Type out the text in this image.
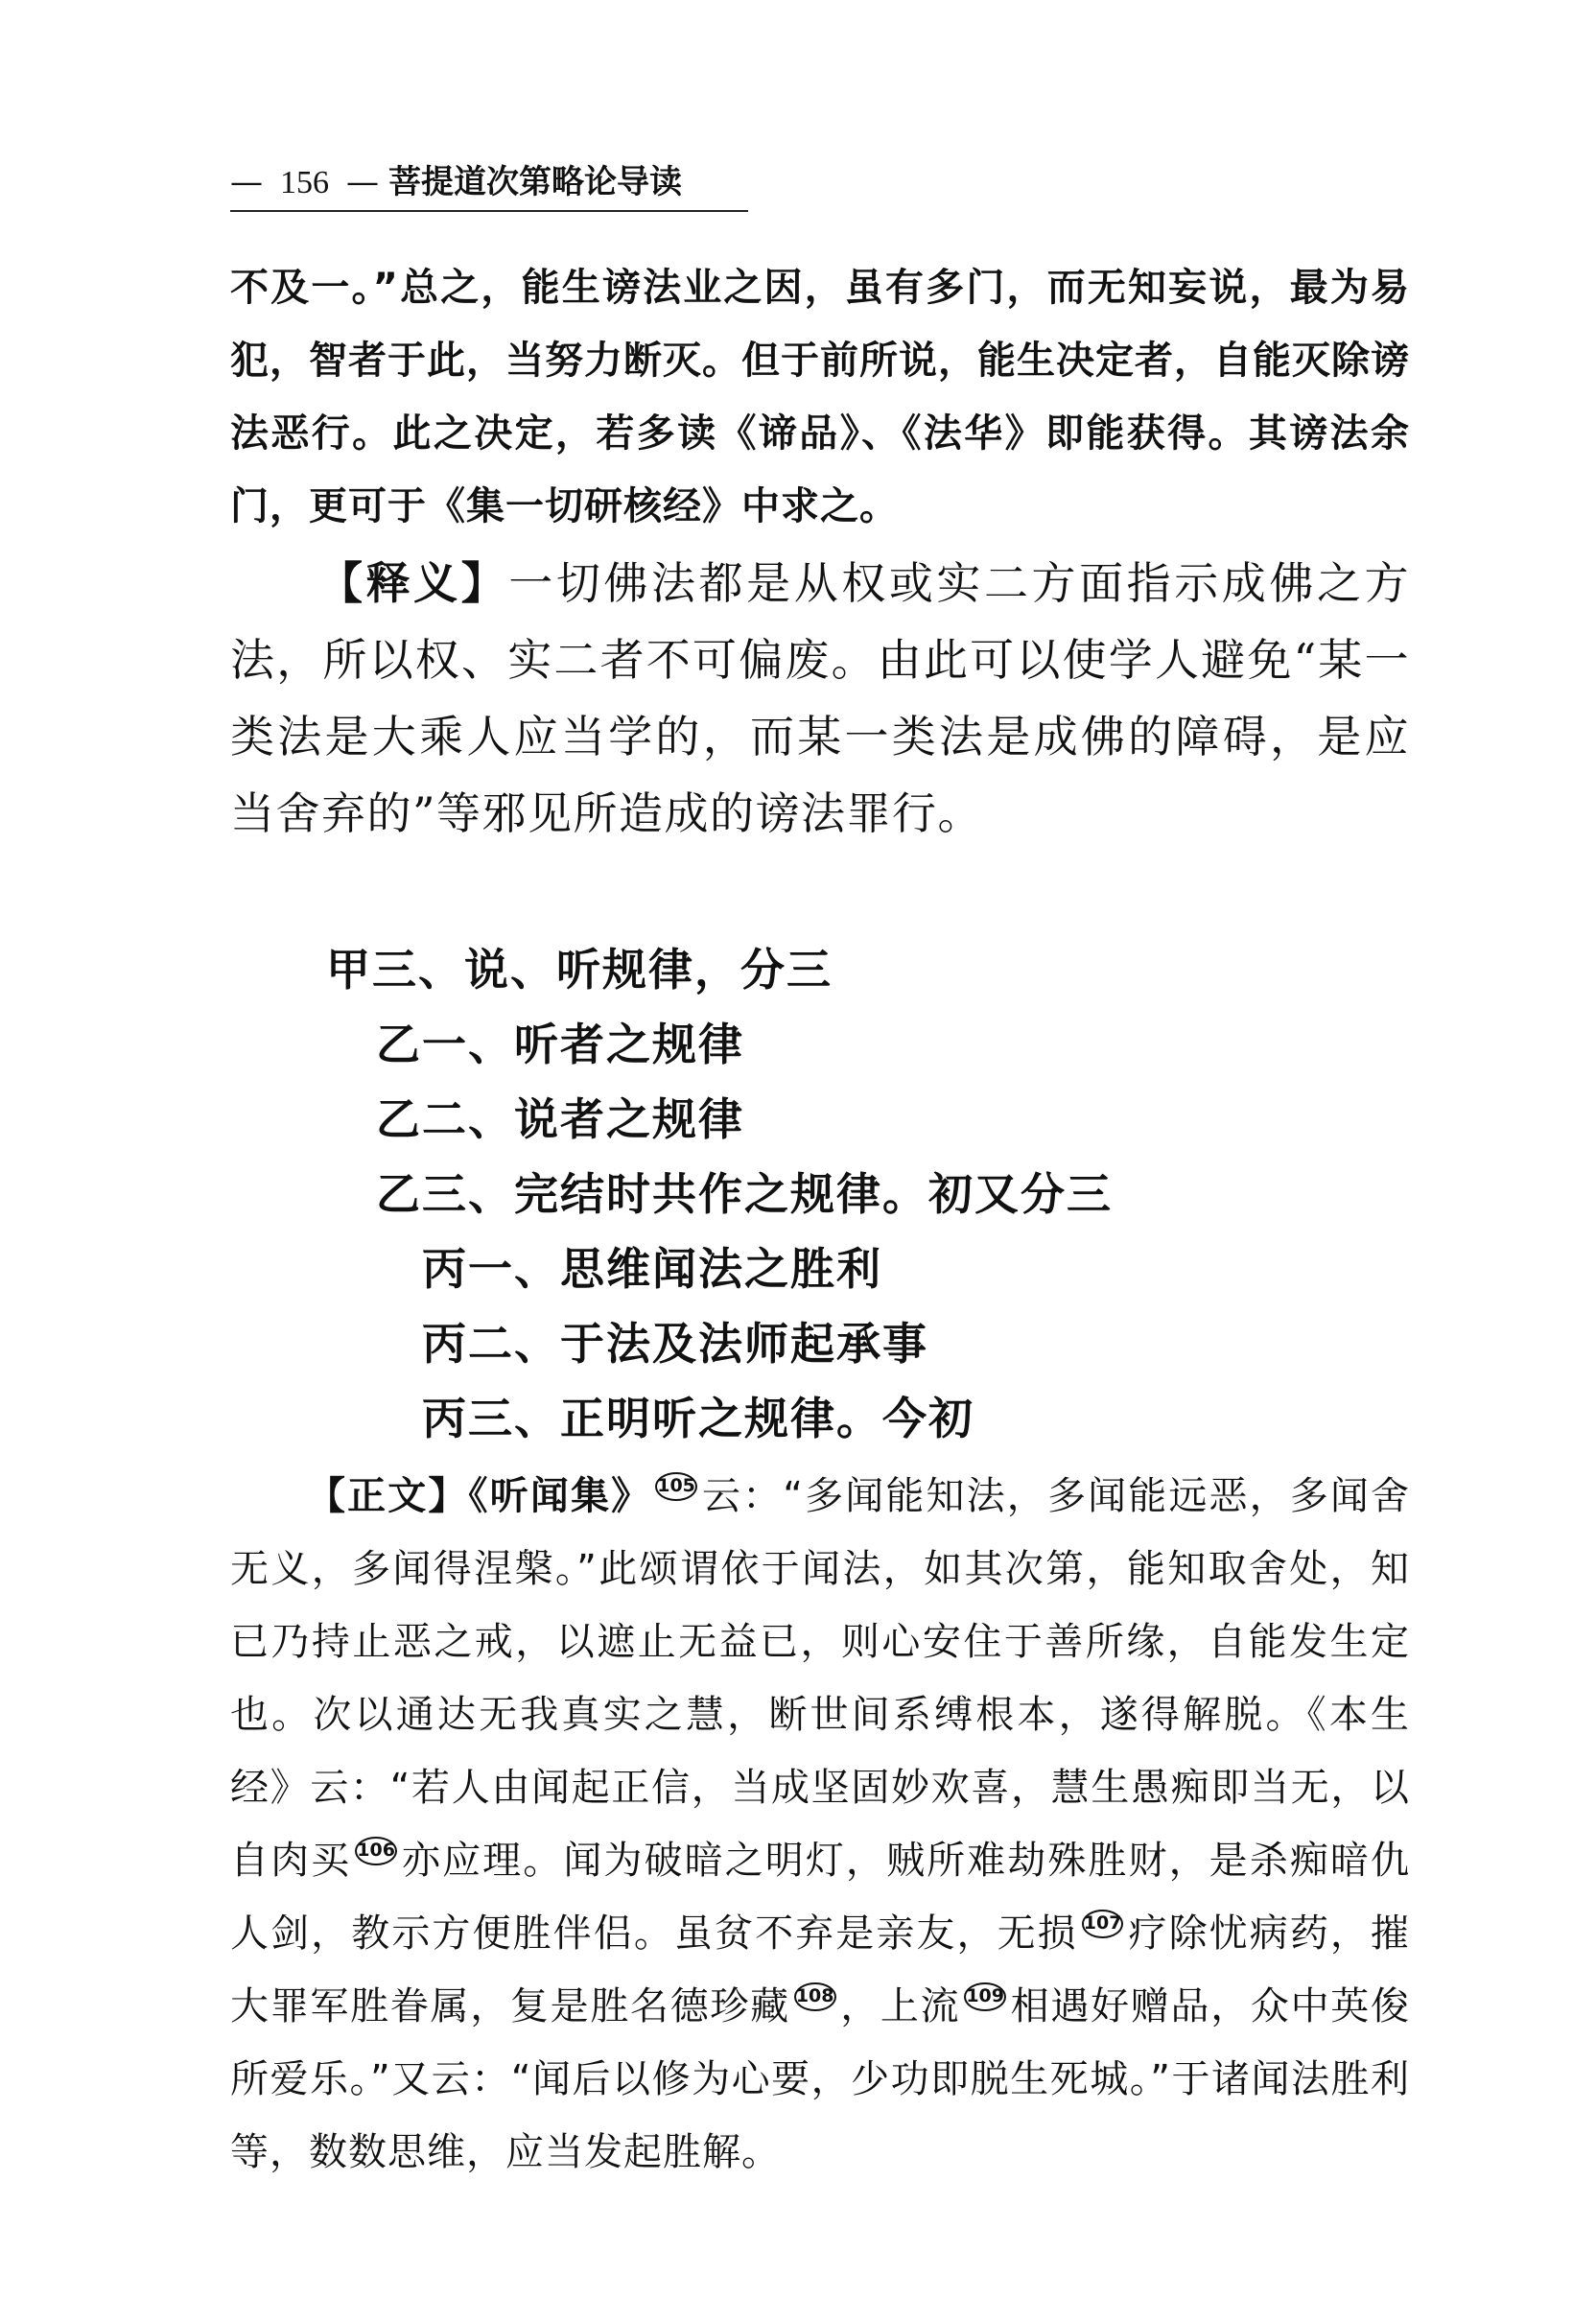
— 156 — 菩提道次第略论导读
不及一。”总之，能生谤法业之因，虽有多门，而无知妄说，最为易犯，智者于此，当努力断灭。但于前所说，能生决定者，自能灭除谤法恶行。此之决定，若多读《谛品》、《法华》即能获得。其谤法余门，更可于《集一切研核经》中求之。
【释义】一切佛法都是从权或实二方面指示成佛之方法，所以权、实二者不可偏废。由此可以使学人避免“某一类法是大乘人应当学的，而某一类法是成佛的障碍，是应当舍弃的”等邪见所造成的谤法罪行。
甲三、说、听规律，分三
乙一、听者之规律
乙二、说者之规律
乙三、完结时共作之规律。初又分三
丙一、思维闻法之胜利
丙二、于法及法师起承事
丙三、正明听之规律。今初
【正文】《听闻集》 105 云：“多闻能知法，多闻能远恶，多闻舍无义，多闻得涅槃。”此颂谓依于闻法，如其次第，能知取舍处，知已乃持止恶之戒，以遮止无益已，则心安住于善所缘，自能发生定也。次以通达无我真实之慧，断世间系缚根本，遂得解脱。《本生经》云：“若人由闻起正信，当成坚固妙欢喜，慧生愚痴即当无，以自肉买 106 亦应理。闻为破暗之明灯，贼所难劫殊胜财，是杀痴暗仇人剑，教示方便胜伴侣。虽贫不弃是亲友，无损 107 疗除忧病药，摧大罪军胜眷属，复是胜名德珍藏 108 ，上流 109 相遇好赠品，众中英俊所爱乐。”又云：“闻后以修为心要，少功即脱生死城。”于诸闻法胜利等，数数思维，应当发起胜解。
